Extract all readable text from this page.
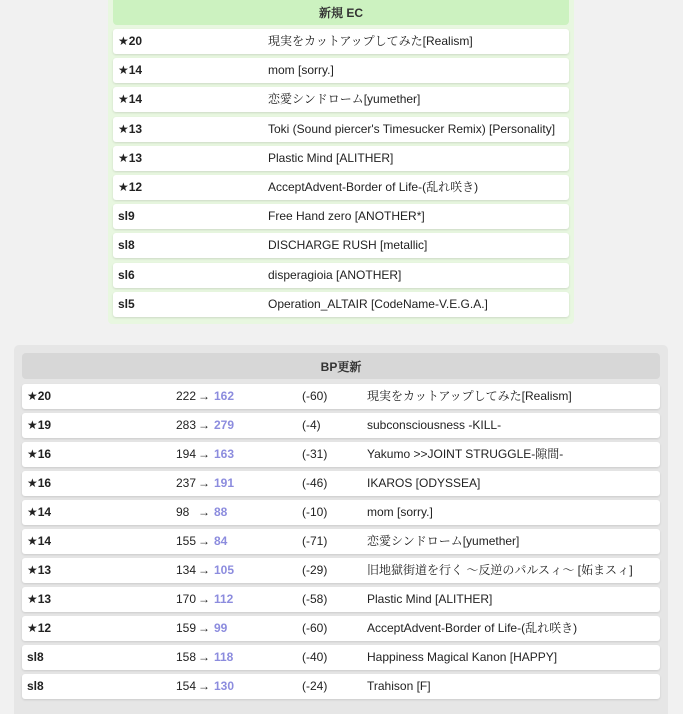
新規 EC
★20	現実をカットアップしてみた[Realism]
★14	mom [sorry.]
★14	恋愛シンドローム[yumether]
★13	Toki (Sound piercer's Timesucker Remix) [Personality]
★13	Plastic Mind [ALITHER]
★12	AcceptAdvent-Border of Life-(乱れ咲き)
sl9	Free Hand zero [ANOTHER*]
sl8	DISCHARGE RUSH [metallic]
sl6	disperagioia [ANOTHER]
sl5	Operation_ALTAIR [CodeName-V.E.G.A.]
BP更新
★20	222 → 162	(-60)	現実をカットアップしてみた[Realism]
★19	283 → 279	(-4)	subconsciousness -KILL-
★16	194 → 163	(-31)	Yakumo >>JOINT STRUGGLE-隙間-
★16	237 → 191	(-46)	IKAROS [ODYSSEA]
★14	98 → 88	(-10)	mom [sorry.]
★14	155 → 84	(-71)	恋愛シンドローム[yumether]
★13	134 → 105	(-29)	旧地獄街道を行く 〜反逆のパルスィ〜 [妬まスィ]
★13	170 → 112	(-58)	Plastic Mind [ALITHER]
★12	159 → 99	(-60)	AcceptAdvent-Border of Life-(乱れ咲き)
sl8	158 → 118	(-40)	Happiness Magical Kanon [HAPPY]
sl8	154 → 130	(-24)	Trahison [F]
